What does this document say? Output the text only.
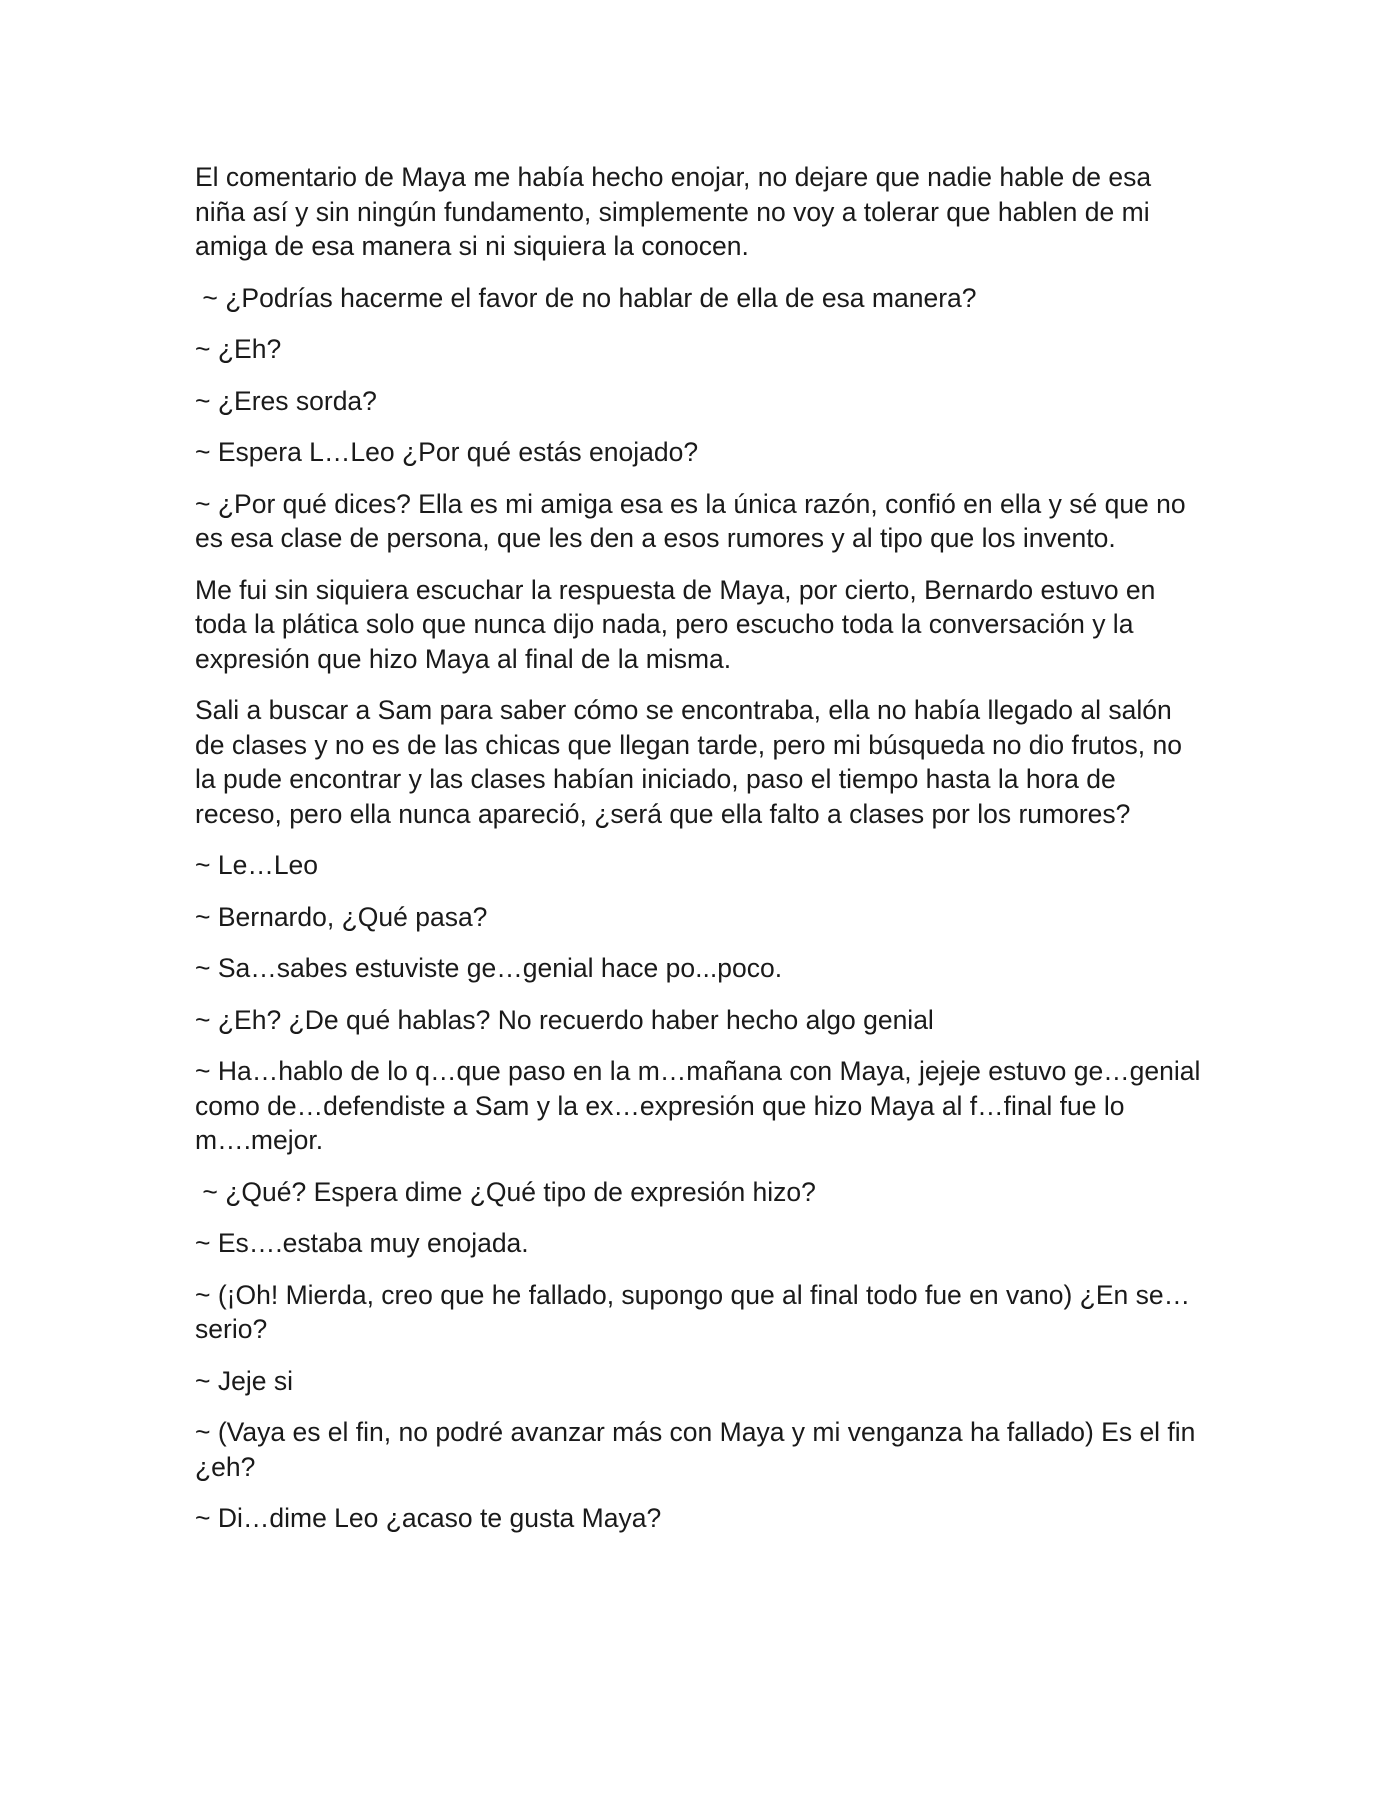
El comentario de Maya me había hecho enojar, no dejare que nadie hable de esa niña así y sin ningún fundamento, simplemente no voy a tolerar que hablen de mi amiga de esa manera si ni siquiera la conocen.

~ ¿Podrías hacerme el favor de no hablar de ella de esa manera?

~ ¿Eh?

~ ¿Eres sorda?

~ Espera L…Leo ¿Por qué estás enojado?

~ ¿Por qué dices? Ella es mi amiga esa es la única razón, confió en ella y sé que no es esa clase de persona, que les den a esos rumores y al tipo que los invento.

Me fui sin siquiera escuchar la respuesta de Maya, por cierto, Bernardo estuvo en toda la plática solo que nunca dijo nada, pero escucho toda la conversación y la expresión que hizo Maya al final de la misma.

Sali a buscar a Sam para saber cómo se encontraba, ella no había llegado al salón de clases y no es de las chicas que llegan tarde, pero mi búsqueda no dio frutos, no la pude encontrar y las clases habían iniciado, paso el tiempo hasta la hora de receso, pero ella nunca apareció, ¿será que ella falto a clases por los rumores?

~ Le…Leo

~ Bernardo, ¿Qué pasa?

~ Sa…sabes estuviste ge…genial hace po...poco.

~ ¿Eh? ¿De qué hablas? No recuerdo haber hecho algo genial

~ Ha…hablo de lo q…que paso en la m…mañana con Maya, jejeje estuvo ge…genial como de…defendiste a Sam y la ex…expresión que hizo Maya al f…final fue lo m….mejor.

~ ¿Qué? Espera dime ¿Qué tipo de expresión hizo?

~ Es….estaba muy enojada.

~ (¡Oh! Mierda, creo que he fallado, supongo que al final todo fue en vano) ¿En se…serio?

~ Jeje si

~ (Vaya es el fin, no podré avanzar más con Maya y mi venganza ha fallado) Es el fin ¿eh?

~ Di…dime Leo ¿acaso te gusta Maya?
